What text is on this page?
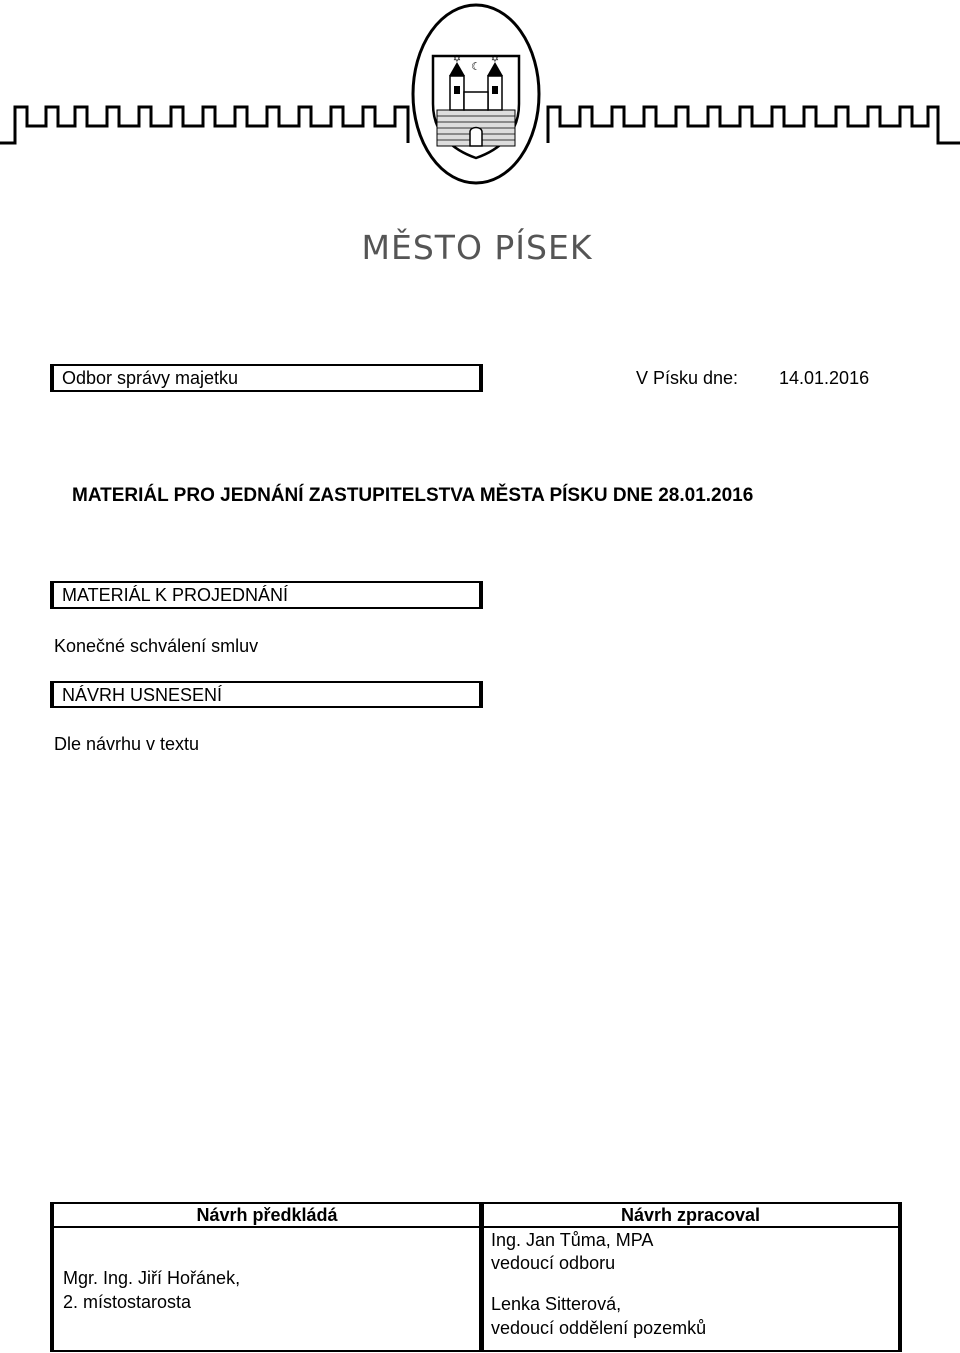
✡	✡
☾
MĚSTO PÍSEK
Odbor správy majetku	V Písku dne: 14.01.2016
MATERIÁL PRO JEDNÁNÍ ZASTUPITELSTVA MĚSTA PÍSKU DNE 28.01.2016
MATERIÁL K PROJEDNÁNÍ
Konečné schválení smluv
NÁVRH USNESENÍ
Dle návrhu v textu
Návrh předkládá
Mgr. Ing. Jiří Hořánek,
2. místostarosta
Návrh zpracoval
Ing. Jan Tůma, MPA
vedoucí odboru
Lenka Sitterová,
vedoucí oddělení pozemků
